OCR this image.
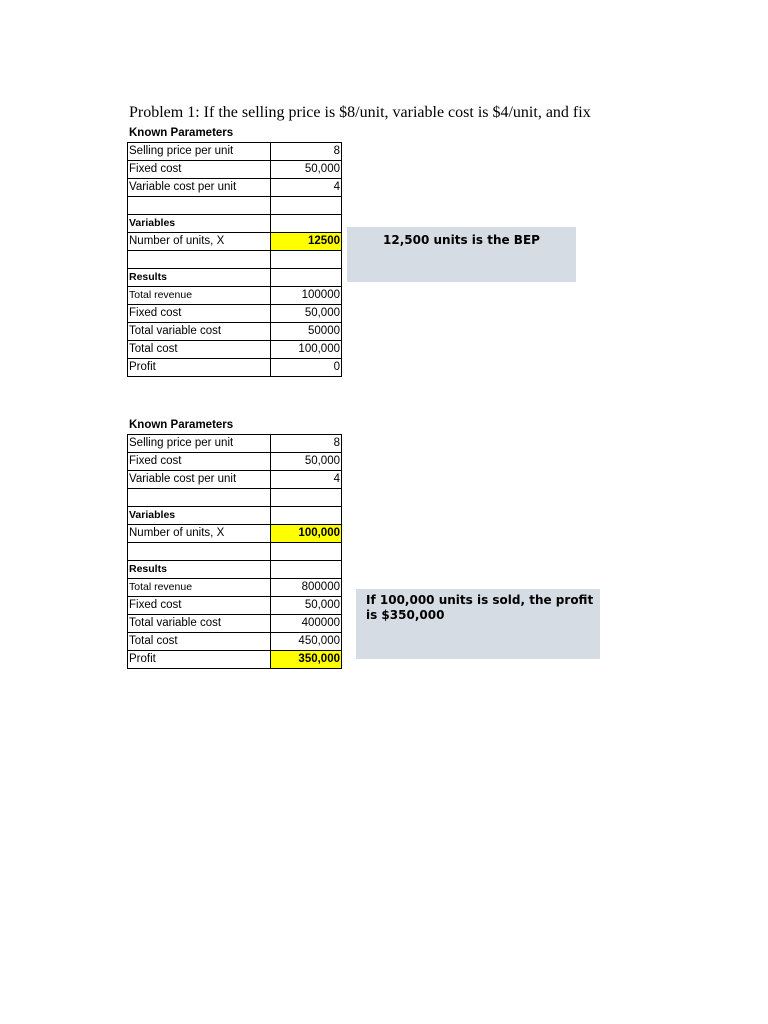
Problem 1: If the selling price is $8/unit, variable cost is $4/unit, and fix
Known Parameters
Selling price per unit	8
Fixed cost	50,000
Variable cost per unit	4

Variables	
Number of units, X	12500

Results	
Total revenue	100000
Fixed cost	50,000
Total variable cost	50000
Total cost	100,000
Profit	0
12,500 units is the BEP
Known Parameters
Selling price per unit	8
Fixed cost	50,000
Variable cost per unit	4

Variables	
Number of units, X	100,000

Results	
Total revenue	800000
Fixed cost	50,000
Total variable cost	400000
Total cost	450,000
Profit	350,000
If 100,000 units is sold, the profit is $350,000
